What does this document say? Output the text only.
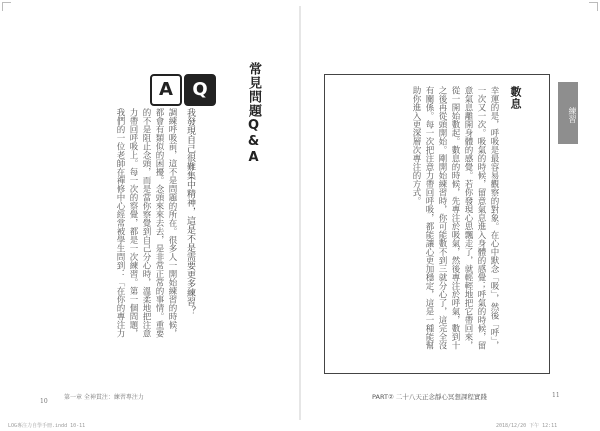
常見問題Q&A
Q
A
我發現自己很難集中精神，這是不是需要更多練習？
調練呼吸前，這不是問題的所在。很多人一開始練習的時候，都會有類似的困擾。念頭來來去去，是非常正常的事情。重要的不是阻止念頭，而是當你察覺到自己分心時，溫柔地把注意力帶回呼吸上。每一次的察覺，都是一次練習。第一個問題，我們的一位老師在禪修中心經常被學生問到：「在你的專注力
第一章 全神貫注：練習專注力
10
練習
數息
幸運的是，呼吸是最容易觀察的對象。在心中默念「吸」，然後「呼」，一次又一次。吸氣的時候，留意氣息進入身體的感覺；呼氣的時候，留意氣息離開身體的感覺。若你發現心思飄走了，就輕輕地把它帶回來，從一開始數起。數息的時候，先專注於吸氣，然後專注於呼氣，數到十之後再從頭開始。剛開始練習時，你可能數不到三就分心了，這完全沒有關係。每一次把注意力帶回呼吸，都能讓心更加穩定，這是一種能幫助你進入更深層次專注的方式。
PART② 二十八天正念靜心冥想課程實踐	11
LOG專注力自學手冊.indd 10-11	2018/12/20 下午 12:11
